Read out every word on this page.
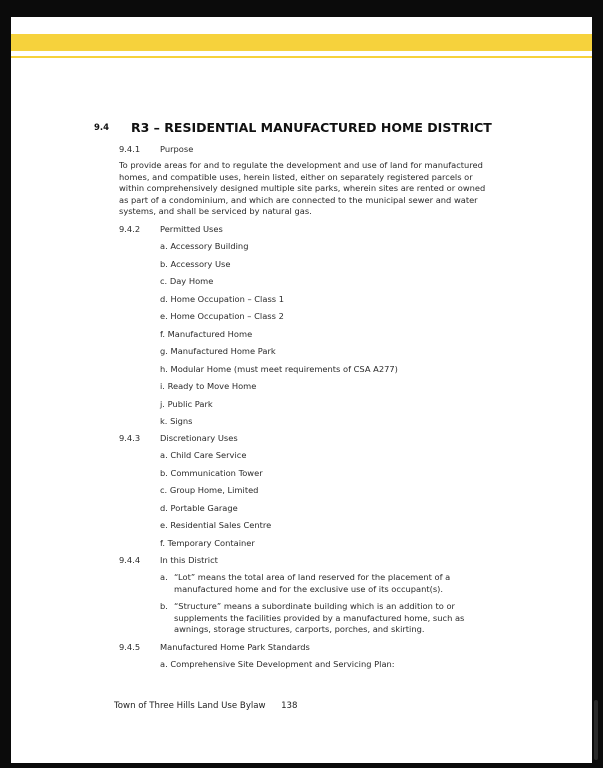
9.4 R3 – RESIDENTIAL MANUFACTURED HOME DISTRICT
9.4.1 Purpose
To provide areas for and to regulate the development and use of land for manufactured
homes, and compatible uses, herein listed, either on separately registered parcels or
within comprehensively designed multiple site parks, wherein sites are rented or owned
as part of a condominium, and which are connected to the municipal sewer and water
systems, and shall be serviced by natural gas.
9.4.2 Permitted Uses
a. Accessory Building
b. Accessory Use
c. Day Home
d. Home Occupation – Class 1
e. Home Occupation – Class 2
f. Manufactured Home
g. Manufactured Home Park
h. Modular Home (must meet requirements of CSA A277)
i. Ready to Move Home
j. Public Park
k. Signs
9.4.3 Discretionary Uses
a. Child Care Service
b. Communication Tower
c. Group Home, Limited
d. Portable Garage
e. Residential Sales Centre
f. Temporary Container
9.4.4 In this District
a. “Lot” means the total area of land reserved for the placement of a
manufactured home and for the exclusive use of its occupant(s).
b. “Structure” means a subordinate building which is an addition to or
supplements the facilities provided by a manufactured home, such as
awnings, storage structures, carports, porches, and skirting.
9.4.5 Manufactured Home Park Standards
a. Comprehensive Site Development and Servicing Plan:
Town of Three Hills Land Use Bylaw 138
